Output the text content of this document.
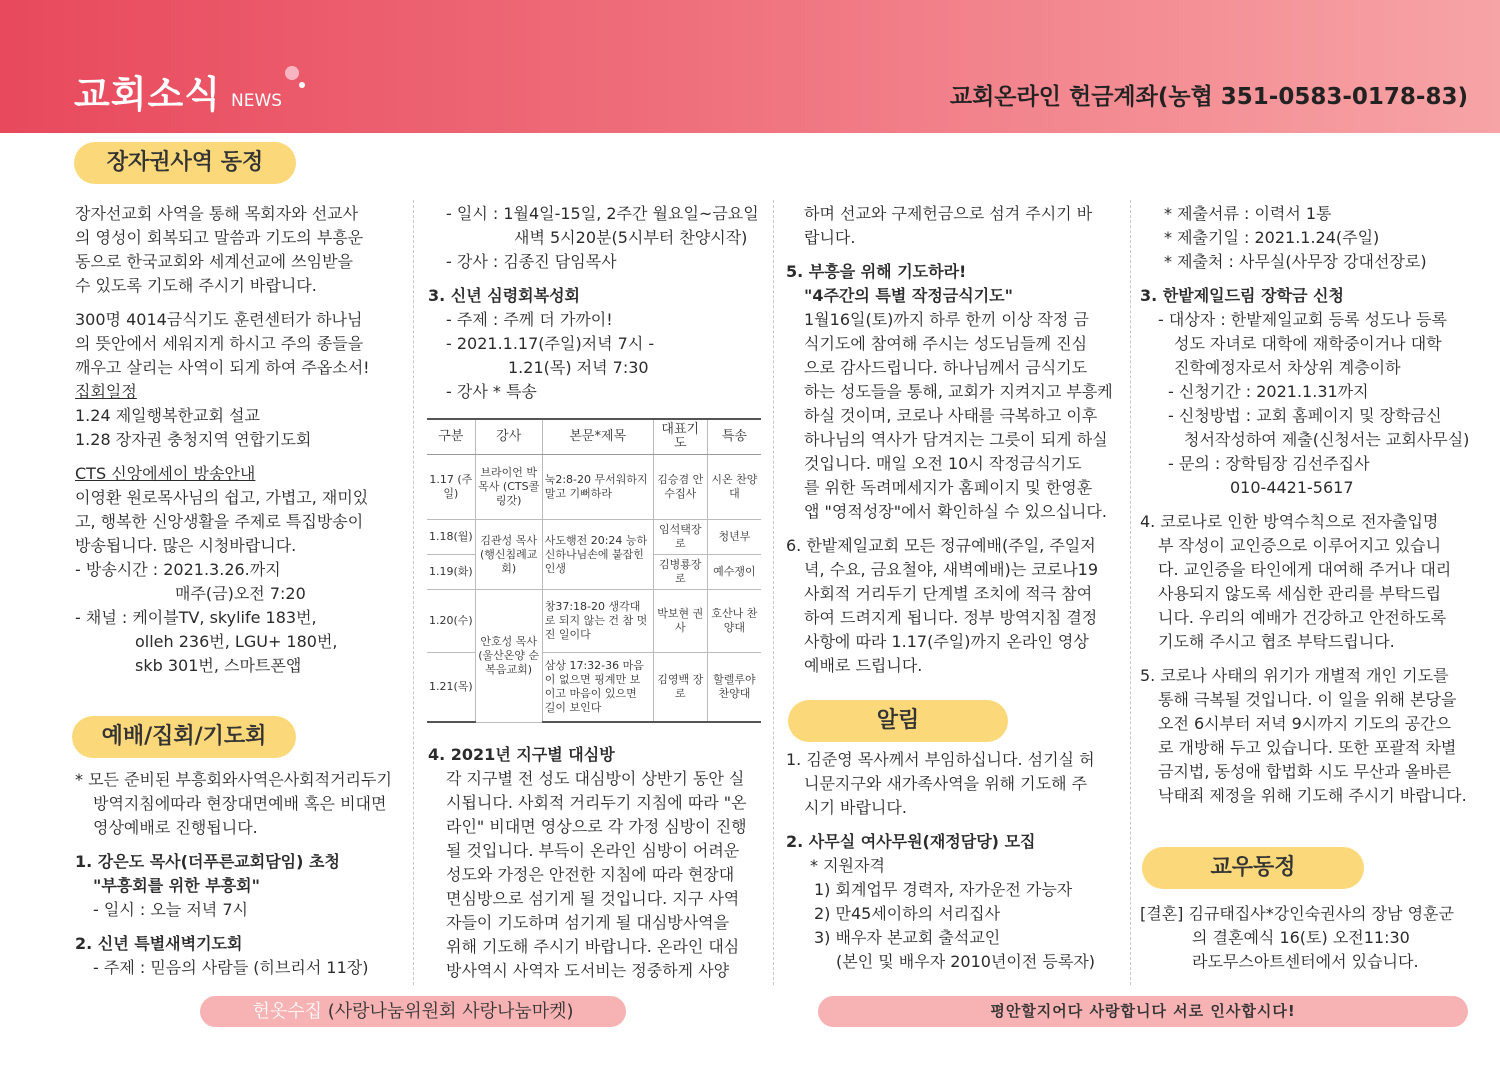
교회소식 NEWS	교회온라인 헌금계좌(농협 351-0583-0178-83)
장자권사역 동정
예배/집회/기도회
알림
교우동정

장자선교회 사역을 통해 목회자와 선교사

의 영성이 회복되고 말씀과 기도의 부흥운

동으로 한국교회와 세계선교에 쓰임받을

수 있도록 기도해 주시기 바랍니다.

300명 4014금식기도 훈련센터가 하나님

의 뜻안에서 세워지게 하시고 주의 종들을

깨우고 살리는 사역이 되게 하여 주옵소서!

집회일정

1.24 제일행복한교회 설교

1.28 장자권 충청지역 연합기도회

CTS 신앙에세이 방송안내

이영환 원로목사님의 쉽고, 가볍고, 재미있

고, 행복한 신앙생활을 주제로 특집방송이

방송됩니다. 많은 시청바랍니다.

- 방송시간 : 2021.3.26.까지

매주(금)오전 7:20

- 채널 : 케이블TV, skylife 183번,

olleh 236번, LGU+ 180번,

skb 301번, 스마트폰앱

* 모든 준비된 부흥회와사역은사회적거리두기

방역지침에따라 현장대면예배 혹은 비대면

영상예배로 진행됩니다.

1. 강은도 목사(더푸른교회담임) 초청

"부흥회를 위한 부흥회"

- 일시 : 오늘 저녁 7시

2. 신년 특별새벽기도회

- 주제 : 믿음의 사람들 (히브리서 11장)

- 일시 : 1월4일-15일, 2주간 월요일~금요일

새벽 5시20분(5시부터 찬양시작)

- 강사 : 김종진 담임목사

3. 신년 심령회복성회

- 주제 : 주께 더 가까이!

- 2021.1.17(주일)저녁 7시 -

1.21(목) 저녁 7:30

- 강사 * 특송

구분	강사	본문*제목	대표기도	특송
1.17 (주일)	브라이언 박목사 (CTS콜링갓)	눅2:8-20 무서워하지 말고 기뻐하라	김승겸 안수집사	시온 찬양대
1.18(월)	김관성 목사 (행신침례교회)	사도행전 20:24 능하신하나님손에 붙잡힌 인생	임석택장로	청년부
1.19(화)			김병룡장로	예수쟁이
1.20(수)	안호성 목사 (울산온양 순복음교회)	창37:18-20 생각대로 되지 않는 건 참 멋진 일이다	박보현 권사	호산나 찬양대
1.21(목)		삼상 17:32-36 마음이 없으면 핑계만 보이고 마음이 있으면 길이 보인다	김영백 장로	할렐루야 찬양대

4. 2021년 지구별 대심방

각 지구별 전 성도 대심방이 상반기 동안 실

시됩니다. 사회적 거리두기 지침에 따라 "온

라인" 비대면 영상으로 각 가정 심방이 진행

될 것입니다. 부득이 온라인 심방이 어려운

성도와 가정은 안전한 지침에 따라 현장대

면심방으로 섬기게 될 것입니다. 지구 사역

자들이 기도하며 섬기게 될 대심방사역을

위해 기도해 주시기 바랍니다. 온라인 대심

방사역시 사역자 도서비는 정중하게 사양

하며 선교와 구제헌금으로 섬겨 주시기 바

랍니다.

5. 부흥을 위해 기도하라!

"4주간의 특별 작정금식기도"

1월16일(토)까지 하루 한끼 이상 작정 금

식기도에 참여해 주시는 성도님들께 진심

으로 감사드립니다. 하나님께서 금식기도

하는 성도들을 통해, 교회가 지켜지고 부흥케

하실 것이며, 코로나 사태를 극복하고 이후

하나님의 역사가 담겨지는 그릇이 되게 하실

것입니다. 매일 오전 10시 작정금식기도

를 위한 독려메세지가 홈페이지 및 한영훈

앱 "영적성장"에서 확인하실 수 있으십니다.

6. 한밭제일교회 모든 정규예배(주일, 주일저

녁, 수요, 금요철야, 새벽예배)는 코로나19

사회적 거리두기 단계별 조치에 적극 참여

하여 드려지게 됩니다. 정부 방역지침 결정

사항에 따라 1.17(주일)까지 온라인 영상

예배로 드립니다.

1. 김준영 목사께서 부임하십니다. 섬기실 허

니문지구와 새가족사역을 위해 기도해 주

시기 바랍니다.

2. 사무실 여사무원(재정담당) 모집

* 지원자격

1) 회계업무 경력자, 자가운전 가능자

2) 만45세이하의 서리집사

3) 배우자 본교회 출석교인

(본인 및 배우자 2010년이전 등록자)

* 제출서류 : 이력서 1통

* 제출기일 : 2021.1.24(주일)

* 제출처 : 사무실(사무장 강대선장로)

3. 한밭제일드림 장학금 신청

- 대상자 : 한밭제일교회 등록 성도나 등록

성도 자녀로 대학에 재학중이거나 대학

진학예정자로서 차상위 계층이하

- 신청기간 : 2021.1.31까지

- 신청방법 : 교회 홈페이지 및 장학금신

청서작성하여 제출(신청서는 교회사무실)

- 문의 : 장학팀장 김선주집사

010-4421-5617

4. 코로나로 인한 방역수칙으로 전자출입명

부 작성이 교인증으로 이루어지고 있습니

다. 교인증을 타인에게 대여해 주거나 대리

사용되지 않도록 세심한 관리를 부탁드립

니다. 우리의 예배가 건강하고 안전하도록

기도해 주시고 협조 부탁드립니다.

5. 코로나 사태의 위기가 개별적 개인 기도를

통해 극복될 것입니다. 이 일을 위해 본당을

오전 6시부터 저녁 9시까지 기도의 공간으

로 개방해 두고 있습니다. 또한 포괄적 차별

금지법, 동성애 합법화 시도 무산과 올바른

낙태죄 제정을 위해 기도해 주시기 바랍니다.

[결혼] 김규태집사*강인숙권사의 장남 영훈군

의 결혼예식 16(토) 오전11:30

라도무스아트센터에서 있습니다.

헌옷수집 (사랑나눔위원회 사랑나눔마켓)	평안할지어다 사랑합니다 서로 인사합시다!
